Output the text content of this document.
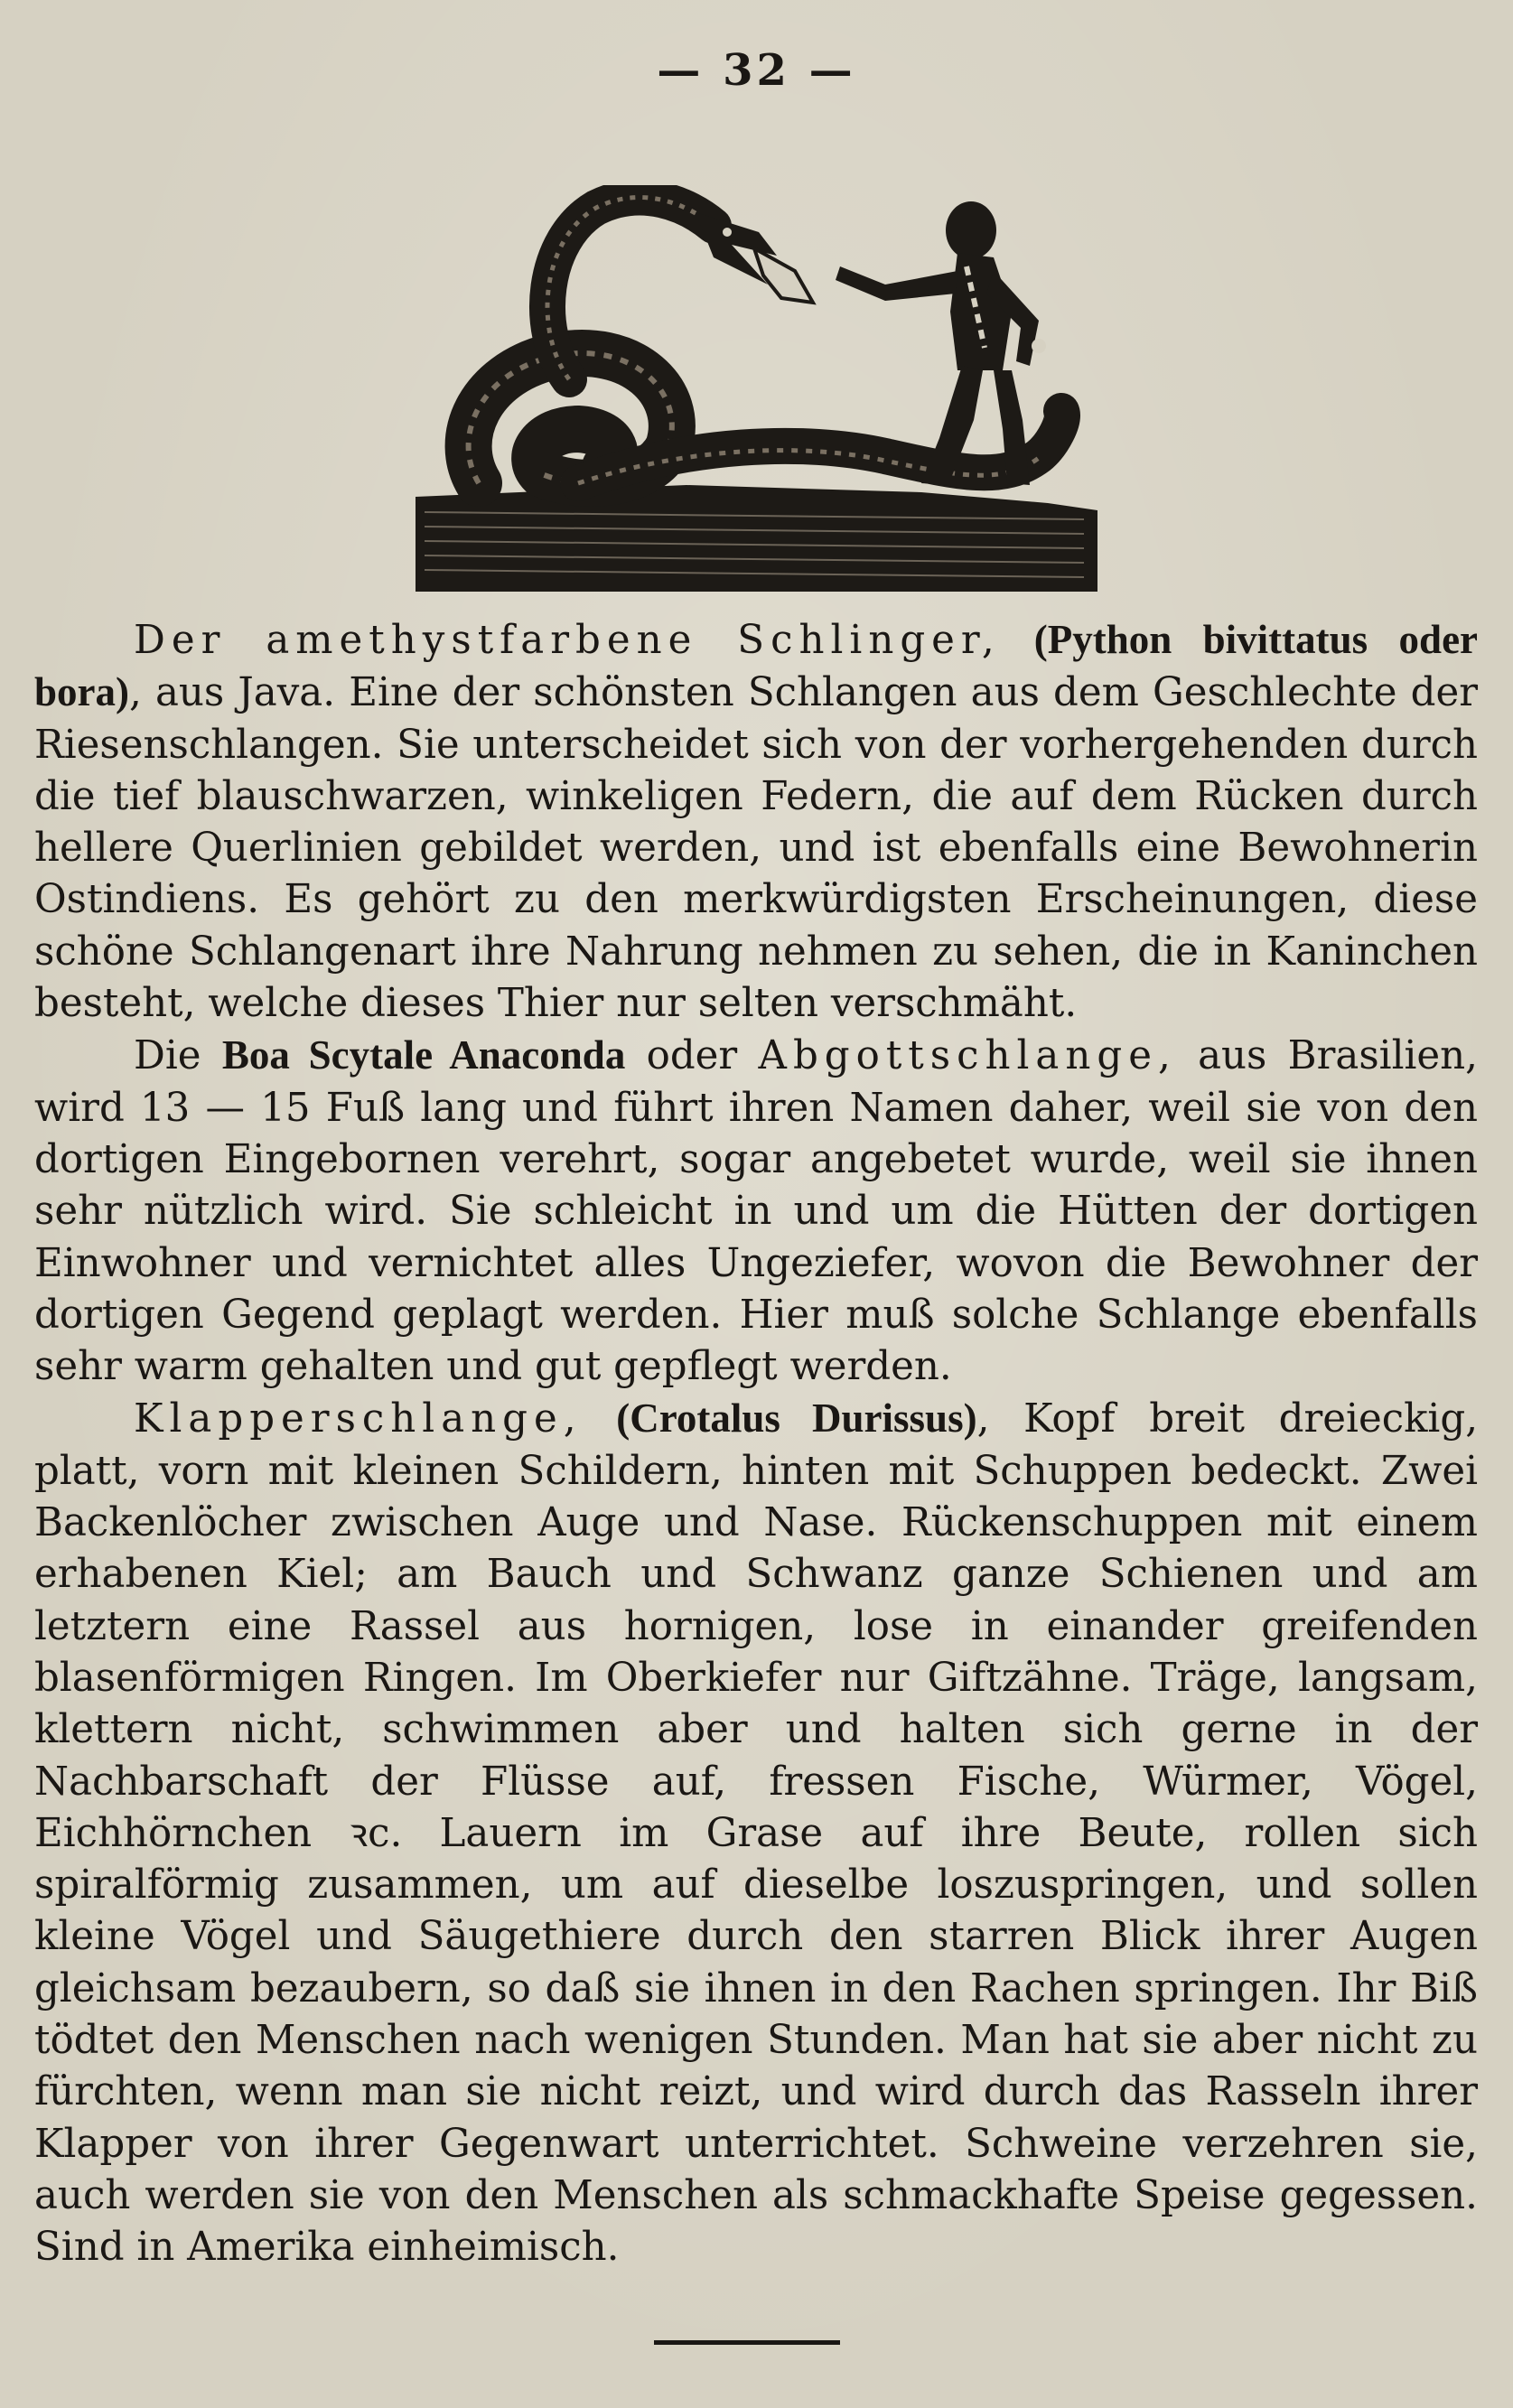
— 32 —

Der amethystfarbene Schlinger, (Python bivittatus oder bora), aus Java. Eine der schönsten Schlangen aus dem Geschlechte der Riesenschlangen. Sie unterscheidet sich von der vorhergehenden durch die tief blauschwarzen, winkeligen Federn, die auf dem Rücken durch hellere Querlinien gebildet werden, und ist ebenfalls eine Bewohnerin Ostindiens. Es gehört zu den merkwürdigsten Erscheinungen, diese schöne Schlangenart ihre Nahrung nehmen zu sehen, die in Kaninchen besteht, welche dieses Thier nur selten verschmäht.

Die Boa Scytale Anaconda oder Abgottschlange, aus Brasilien, wird 13 — 15 Fuß lang und führt ihren Namen daher, weil sie von den dortigen Eingebornen verehrt, sogar angebetet wurde, weil sie ihnen sehr nützlich wird. Sie schleicht in und um die Hütten der dortigen Einwohner und vernichtet alles Ungeziefer, wovon die Bewohner der dortigen Gegend geplagt werden. Hier muß solche Schlange ebenfalls sehr warm gehalten und gut gepflegt werden.

Klapperschlange, (Crotalus Durissus), Kopf breit dreieckig, platt, vorn mit kleinen Schildern, hinten mit Schuppen bedeckt. Zwei Backenlöcher zwischen Auge und Nase. Rückenschuppen mit einem erhabenen Kiel; am Bauch und Schwanz ganze Schienen und am letztern eine Rassel aus hornigen, lose in einander greifenden blasenförmigen Ringen. Im Oberkiefer nur Giftzähne. Träge, langsam, klettern nicht, schwimmen aber und halten sich gerne in der Nachbarschaft der Flüsse auf, fressen Fische, Würmer, Vögel, Eichhörnchen ꝛc. Lauern im Grase auf ihre Beute, rollen sich spiralförmig zusammen, um auf dieselbe loszuspringen, und sollen kleine Vögel und Säugethiere durch den starren Blick ihrer Augen gleichsam bezaubern, so daß sie ihnen in den Rachen springen. Ihr Biß tödtet den Menschen nach wenigen Stunden. Man hat sie aber nicht zu fürchten, wenn man sie nicht reizt, und wird durch das Rasseln ihrer Klapper von ihrer Gegenwart unterrichtet. Schweine verzehren sie, auch werden sie von den Menschen als schmackhafte Speise gegessen. Sind in Amerika einheimisch.
